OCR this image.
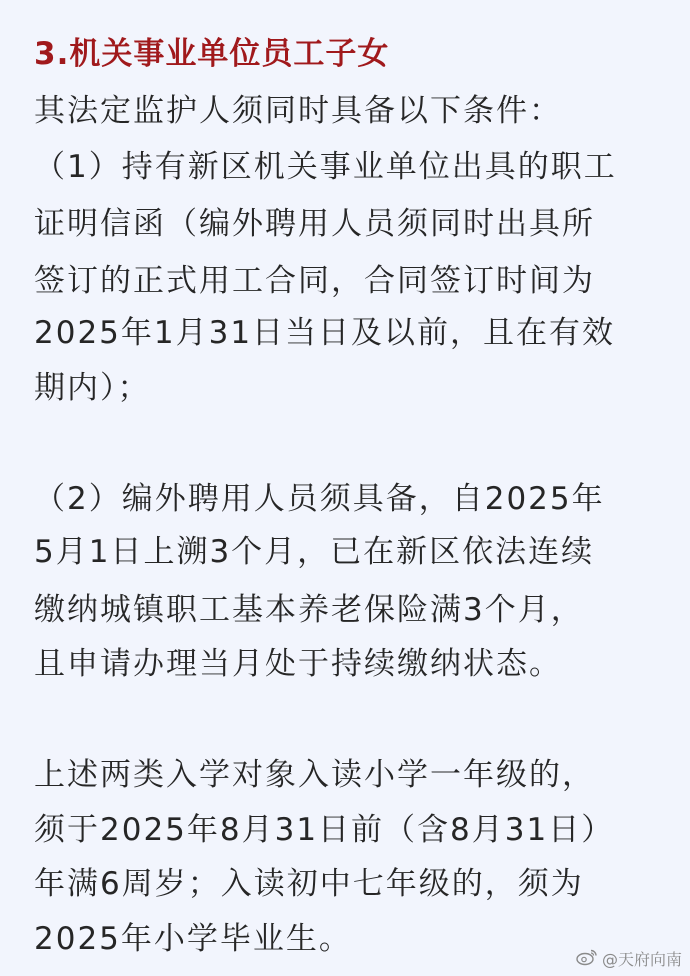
3.机关事业单位员工子女
其法定监护人须同时具备以下条件：
（1）持有新区机关事业单位出具的职工
证明信函（编外聘用人员须同时出具所
签订的正式用工合同，合同签订时间为
2025年1月31日当日及以前，且在有效
期内）；
（2）编外聘用人员须具备，自2025年
5月1日上溯3个月，已在新区依法连续
缴纳城镇职工基本养老保险满3个月，
且申请办理当月处于持续缴纳状态。
上述两类入学对象入读小学一年级的，
须于2025年8月31日前（含8月31日）
年满6周岁；入读初中七年级的，须为
2025年小学毕业生。
@天府向南
